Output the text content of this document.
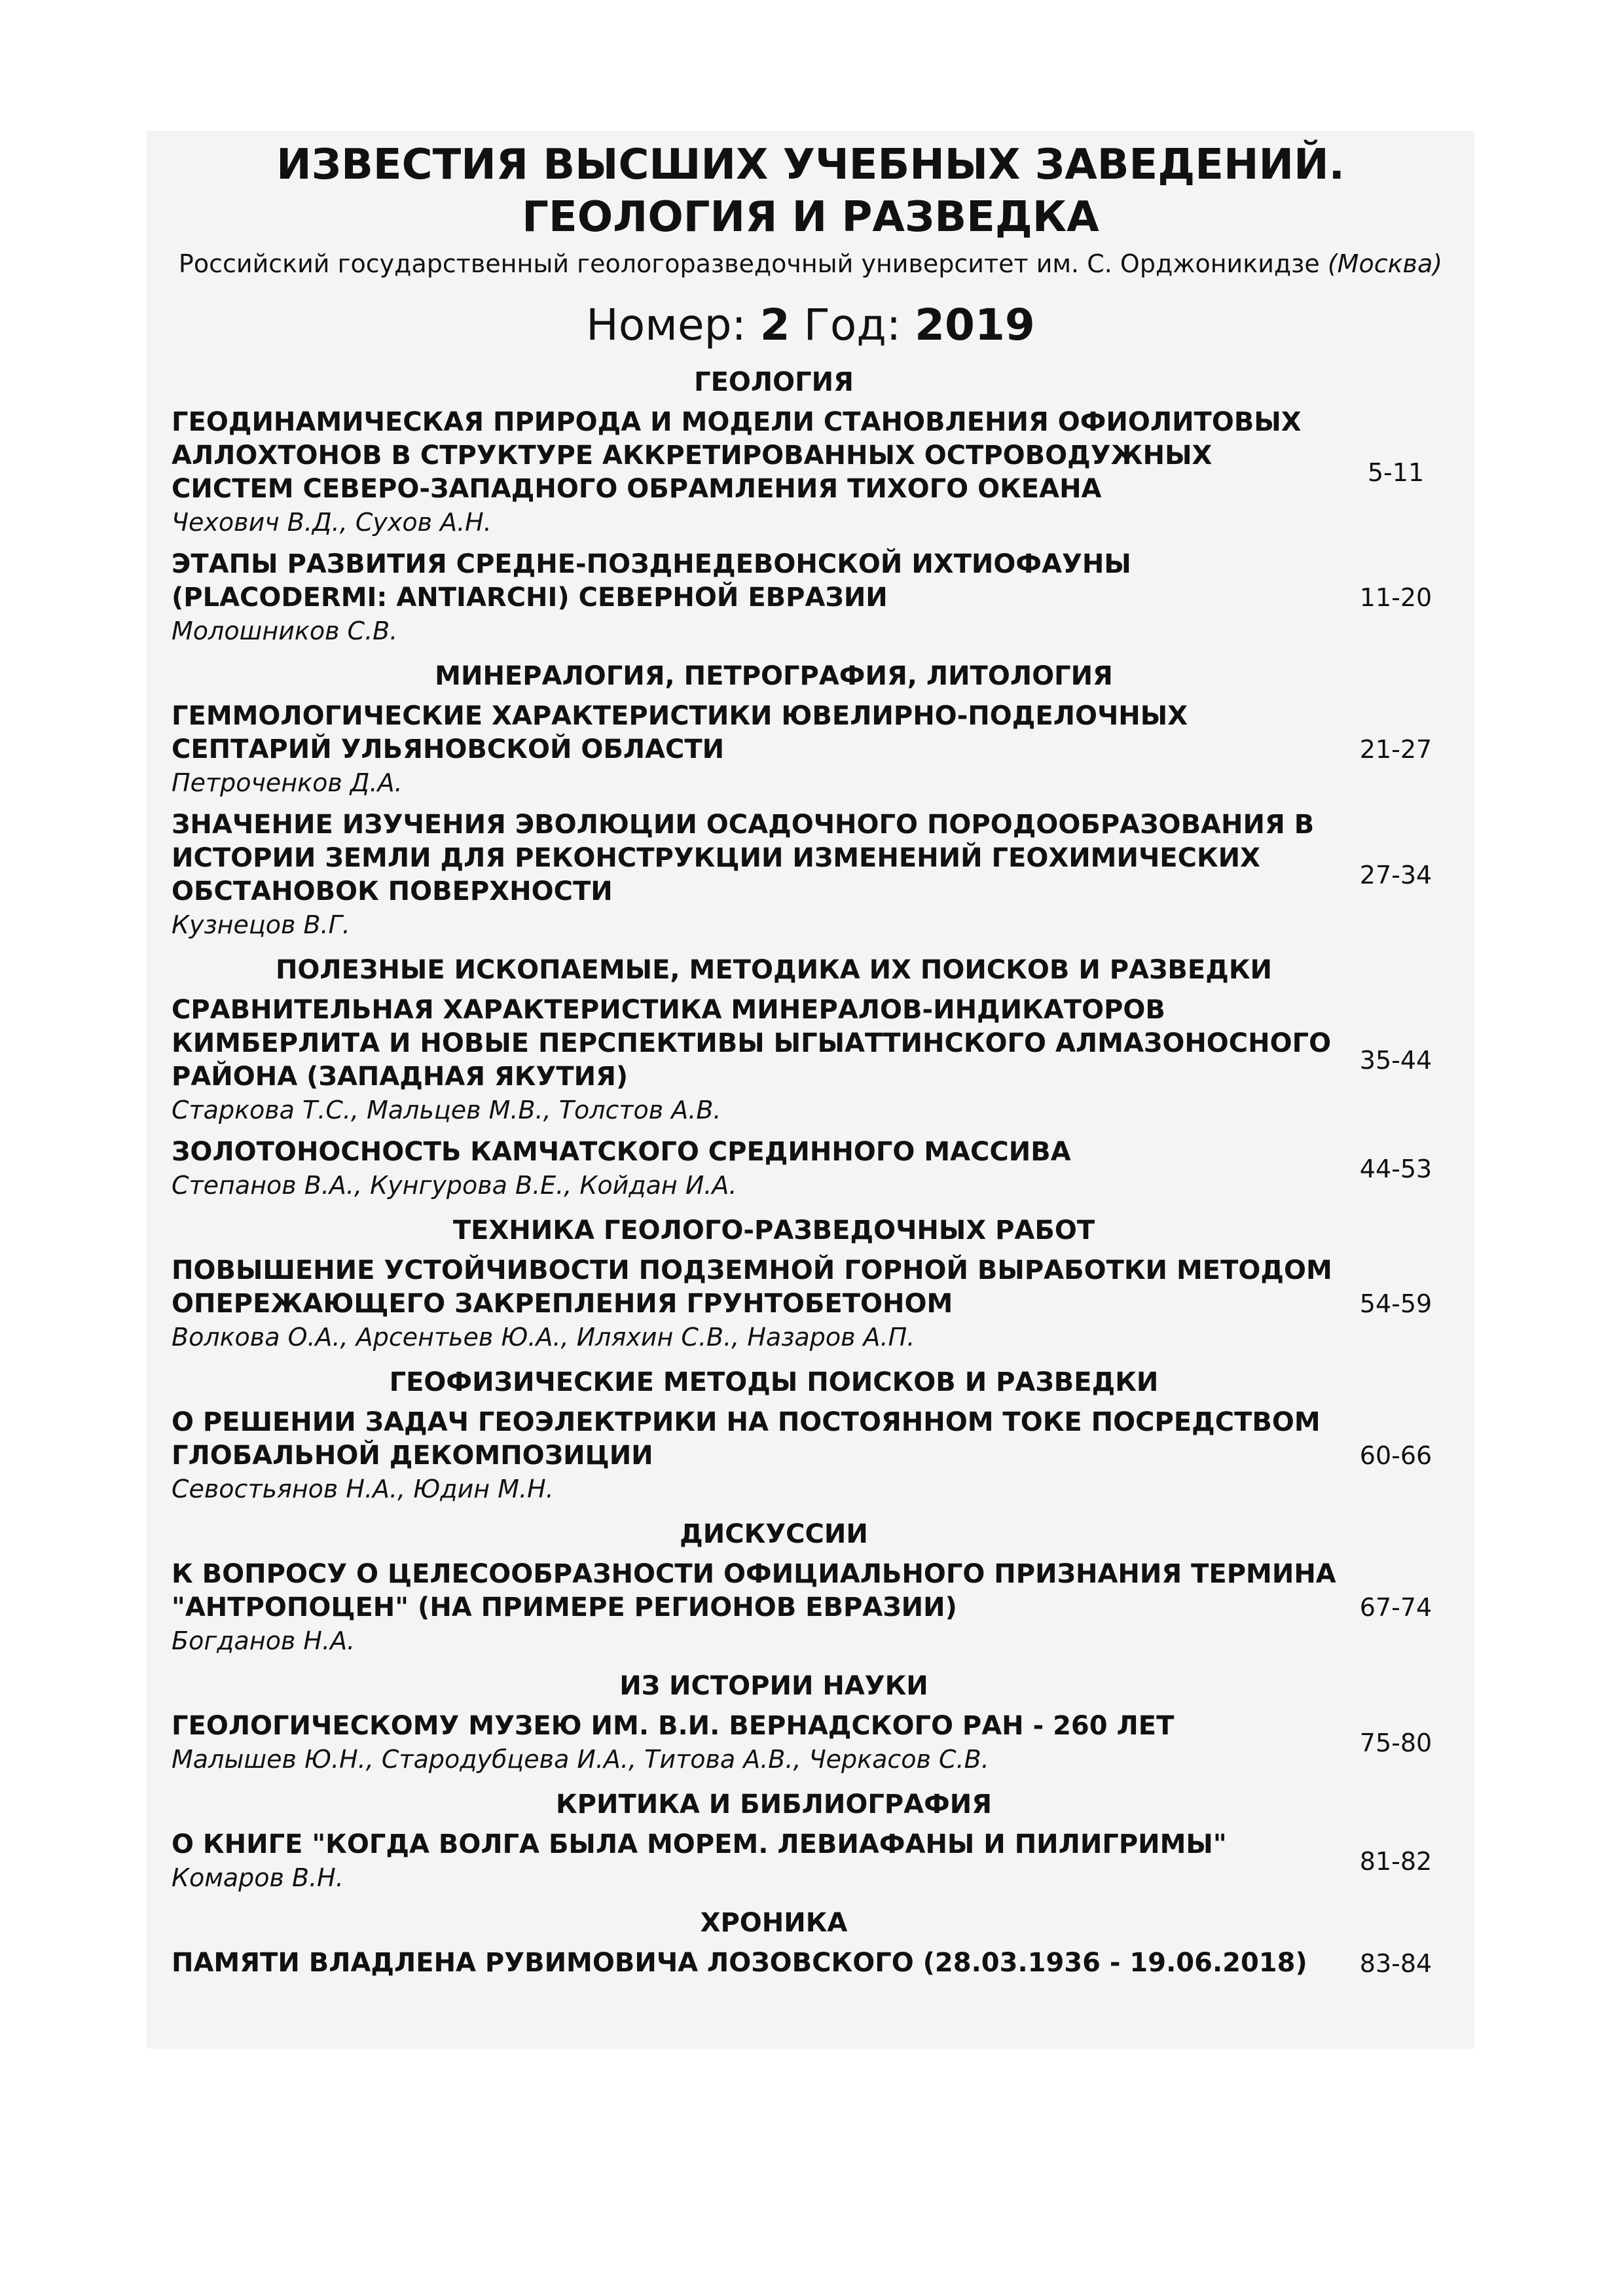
ИЗВЕСТИЯ ВЫСШИХ УЧЕБНЫХ ЗАВЕДЕНИЙ.
ГЕОЛОГИЯ И РАЗВЕДКА
Российский государственный геологоразведочный университет им. С. Орджоникидзе (Москва)
Номер: 2 Год: 2019
ГЕОЛОГИЯ
ГЕОДИНАМИЧЕСКАЯ ПРИРОДА И МОДЕЛИ СТАНОВЛЕНИЯ ОФИОЛИТОВЫХ АЛЛОХТОНОВ В СТРУКТУРЕ АККРЕТИРОВАННЫХ ОСТРОВОДУЖНЫХ СИСТЕМ СЕВЕРО-ЗАПАДНОГО ОБРАМЛЕНИЯ ТИХОГО ОКЕАНА
Чехович В.Д., Сухов А.Н.
5-11
ЭТАПЫ РАЗВИТИЯ СРЕДНЕ-ПОЗДНЕДЕВОНСКОЙ ИХТИОФАУНЫ (PLACODERMI: ANTIARCHI) СЕВЕРНОЙ ЕВРАЗИИ
Молошников С.В.
11-20
МИНЕРАЛОГИЯ, ПЕТРОГРАФИЯ, ЛИТОЛОГИЯ
ГЕММОЛОГИЧЕСКИЕ ХАРАКТЕРИСТИКИ ЮВЕЛИРНО-ПОДЕЛОЧНЫХ СЕПТАРИЙ УЛЬЯНОВСКОЙ ОБЛАСТИ
Петроченков Д.А.
21-27
ЗНАЧЕНИЕ ИЗУЧЕНИЯ ЭВОЛЮЦИИ ОСАДОЧНОГО ПОРОДООБРАЗОВАНИЯ В ИСТОРИИ ЗЕМЛИ ДЛЯ РЕКОНСТРУКЦИИ ИЗМЕНЕНИЙ ГЕОХИМИЧЕСКИХ ОБСТАНОВОК ПОВЕРХНОСТИ
Кузнецов В.Г.
27-34
ПОЛЕЗНЫЕ ИСКОПАЕМЫЕ, МЕТОДИКА ИХ ПОИСКОВ И РАЗВЕДКИ
СРАВНИТЕЛЬНАЯ ХАРАКТЕРИСТИКА МИНЕРАЛОВ-ИНДИКАТОРОВ КИМБЕРЛИТА И НОВЫЕ ПЕРСПЕКТИВЫ ЫГЫАТТИНСКОГО АЛМАЗОНОСНОГО РАЙОНА (ЗАПАДНАЯ ЯКУТИЯ)
Старкова Т.С., Мальцев М.В., Толстов А.В.
35-44
ЗОЛОТОНОСНОСТЬ КАМЧАТСКОГО СРЕДИННОГО МАССИВА
Степанов В.А., Кунгурова В.Е., Койдан И.А.
44-53
ТЕХНИКА ГЕОЛОГО-РАЗВЕДОЧНЫХ РАБОТ
ПОВЫШЕНИЕ УСТОЙЧИВОСТИ ПОДЗЕМНОЙ ГОРНОЙ ВЫРАБОТКИ МЕТОДОМ ОПЕРЕЖАЮЩЕГО ЗАКРЕПЛЕНИЯ ГРУНТОБЕТОНОМ
Волкова О.А., Арсентьев Ю.А., Иляхин С.В., Назаров А.П.
54-59
ГЕОФИЗИЧЕСКИЕ МЕТОДЫ ПОИСКОВ И РАЗВЕДКИ
О РЕШЕНИИ ЗАДАЧ ГЕОЭЛЕКТРИКИ НА ПОСТОЯННОМ ТОКЕ ПОСРЕДСТВОМ ГЛОБАЛЬНОЙ ДЕКОМПОЗИЦИИ
Севостьянов Н.А., Юдин М.Н.
60-66
ДИСКУССИИ
К ВОПРОСУ О ЦЕЛЕСООБРАЗНОСТИ ОФИЦИАЛЬНОГО ПРИЗНАНИЯ ТЕРМИНА "АНТРОПОЦЕН" (НА ПРИМЕРЕ РЕГИОНОВ ЕВРАЗИИ)
Богданов Н.А.
67-74
ИЗ ИСТОРИИ НАУКИ
ГЕОЛОГИЧЕСКОМУ МУЗЕЮ ИМ. В.И. ВЕРНАДСКОГО РАН - 260 ЛЕТ
Малышев Ю.Н., Стародубцева И.А., Титова А.В., Черкасов С.В.
75-80
КРИТИКА И БИБЛИОГРАФИЯ
О КНИГЕ "КОГДА ВОЛГА БЫЛА МОРЕМ. ЛЕВИАФАНЫ И ПИЛИГРИМЫ"
Комаров В.Н.
81-82
ХРОНИКА
ПАМЯТИ ВЛАДЛЕНА РУВИМОВИЧА ЛОЗОВСКОГО (28.03.1936 - 19.06.2018)	83-84
